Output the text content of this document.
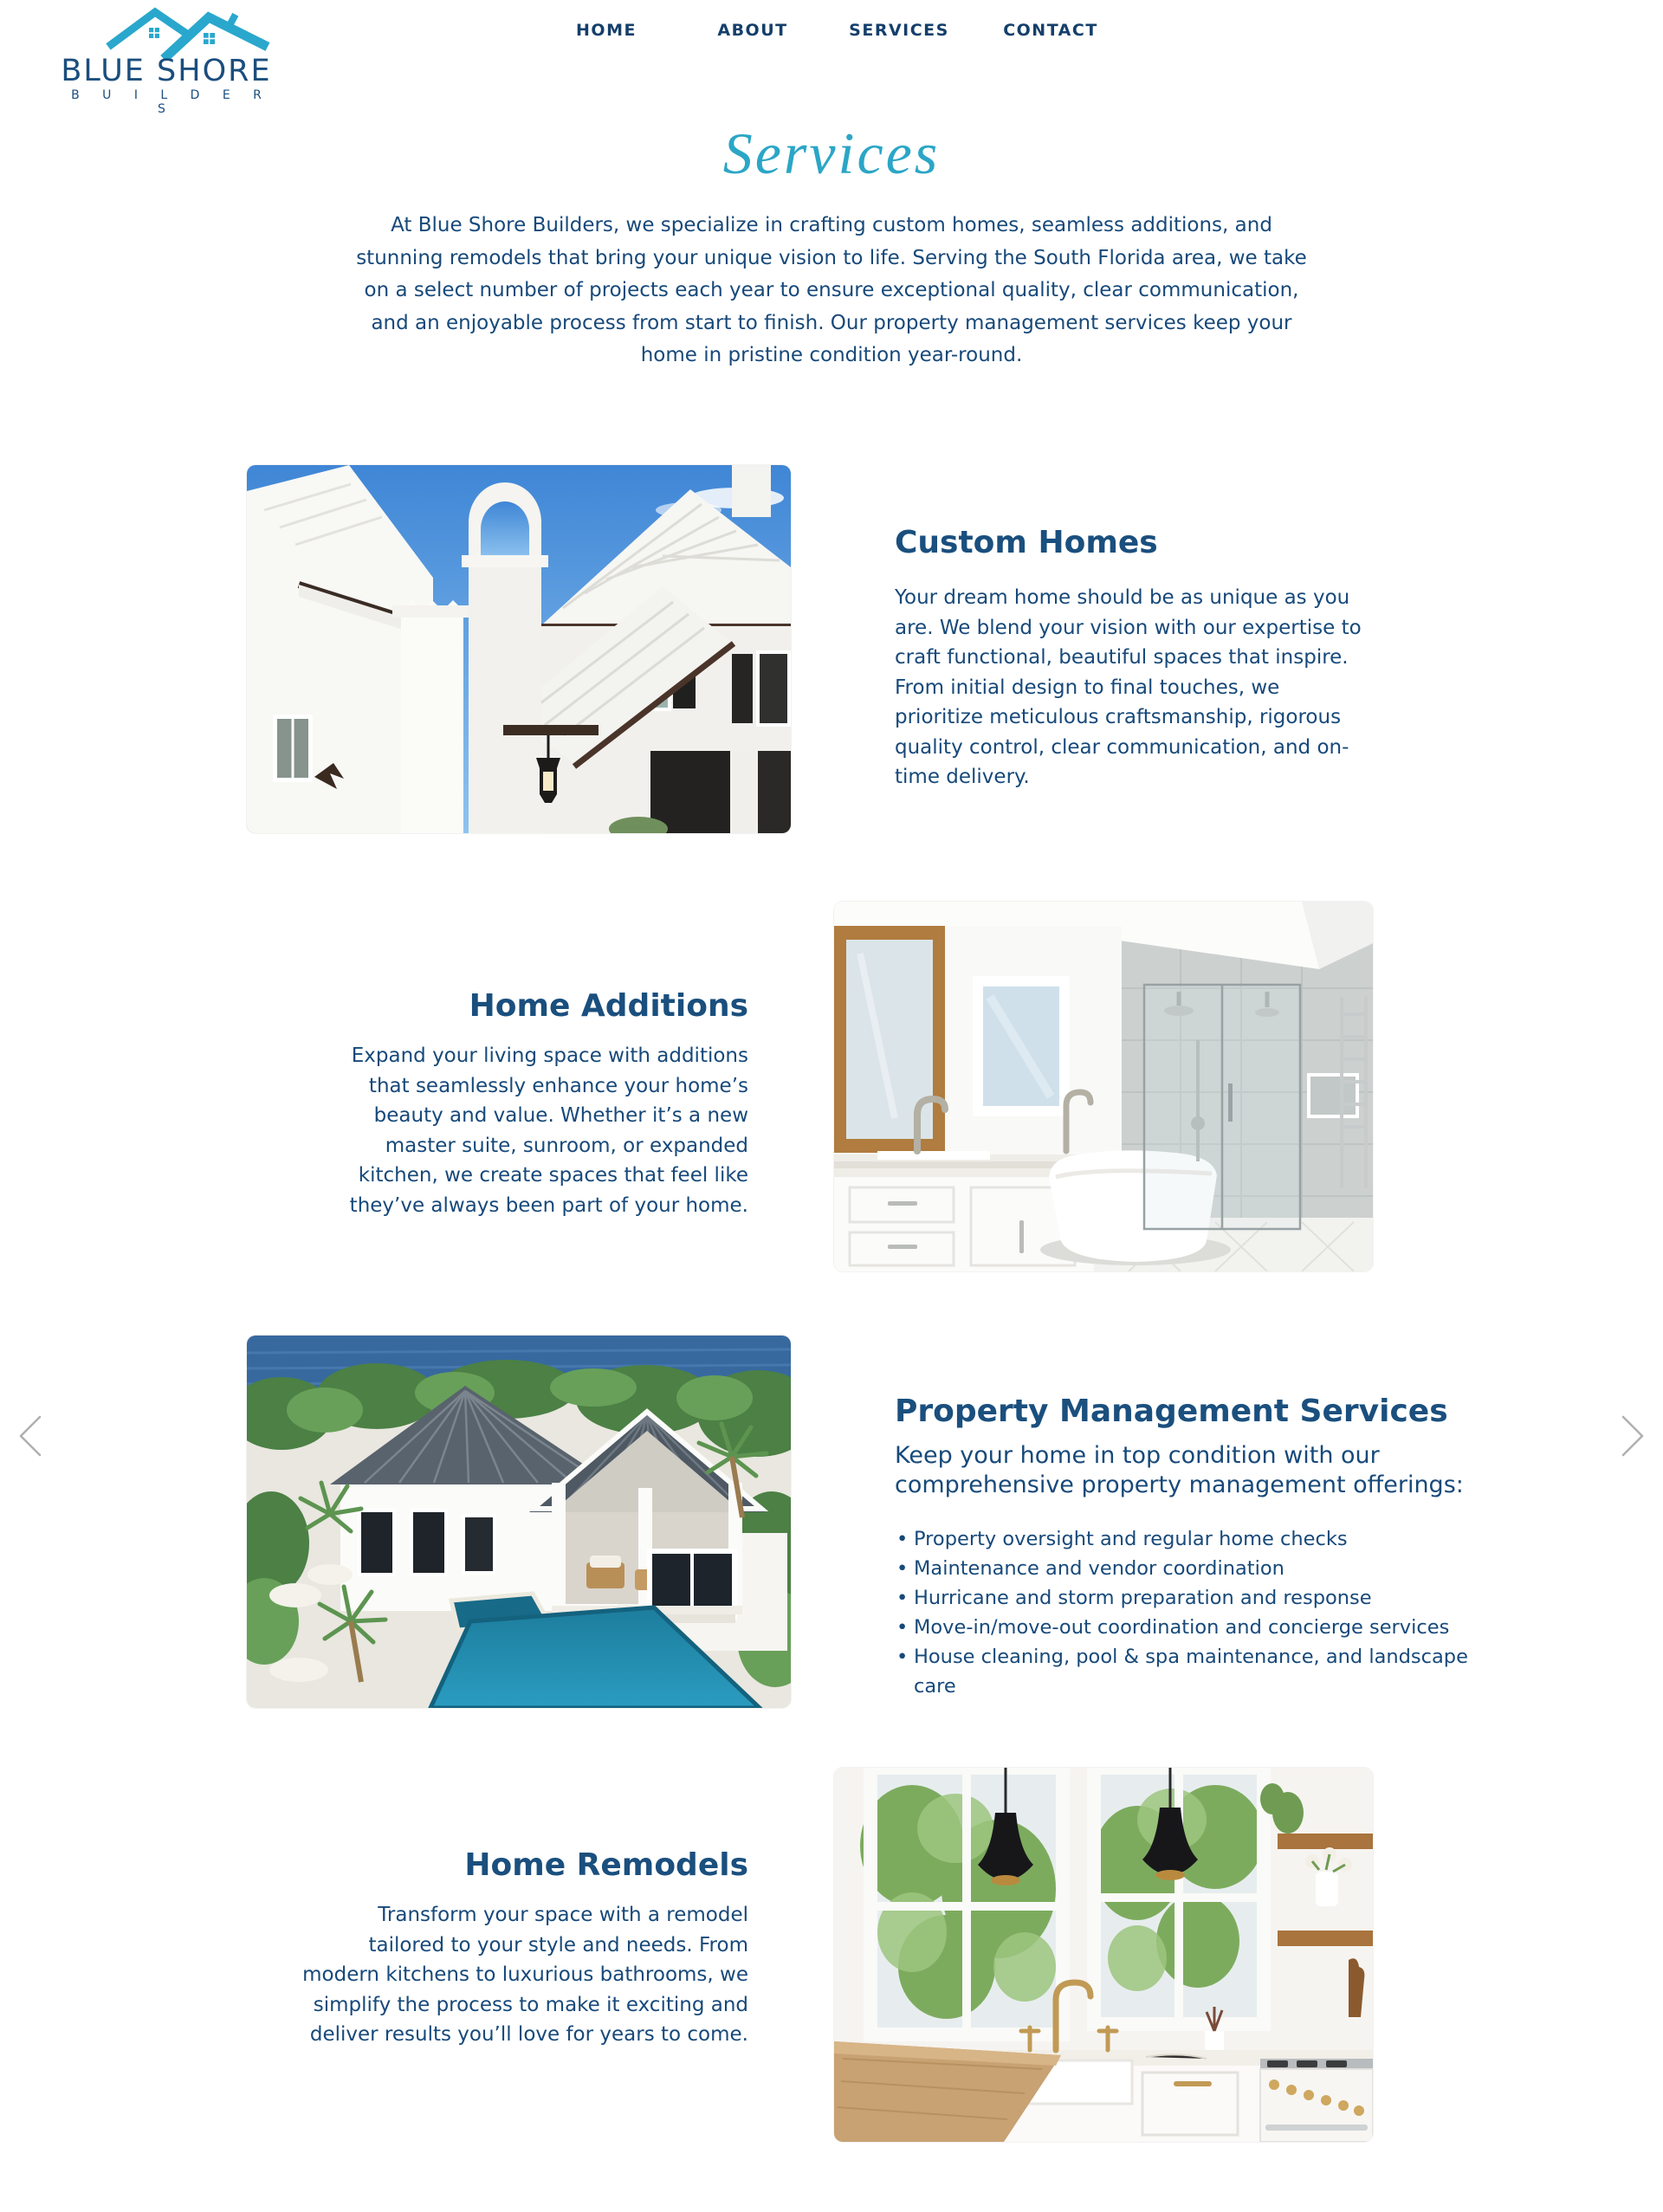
BLUE SHORE
B U I L D E R S
HOME	ABOUT	SERVICES	CONTACT
Services
At Blue Shore Builders, we specialize in crafting custom homes, seamless additions, and stunning remodels that bring your unique vision to life. Serving the South Florida area, we take on a select number of projects each year to ensure exceptional quality, clear communication, and an enjoyable process from start to finish. Our property management services keep your home in pristine condition year-round.
Custom Homes
Your dream home should be as unique as you are. We blend your vision with our expertise to craft functional, beautiful spaces that inspire. From initial design to final touches, we prioritize meticulous craftsmanship, rigorous quality control, clear communication, and on-time delivery.
Home Additions
Expand your living space with additions that seamlessly enhance your home’s beauty and value. Whether it’s a new master suite, sunroom, or expanded kitchen, we create spaces that feel like they’ve always been part of your home.
Property Management Services
Keep your home in top condition with our comprehensive property management offerings:
• Property oversight and regular home checks
• Maintenance and vendor coordination
• Hurricane and storm preparation and response
• Move-in/move-out coordination and concierge services
• House cleaning, pool & spa maintenance, and landscape care
Home Remodels
Transform your space with a remodel tailored to your style and needs. From modern kitchens to luxurious bathrooms, we simplify the process to make it exciting and deliver results you’ll love for years to come.
